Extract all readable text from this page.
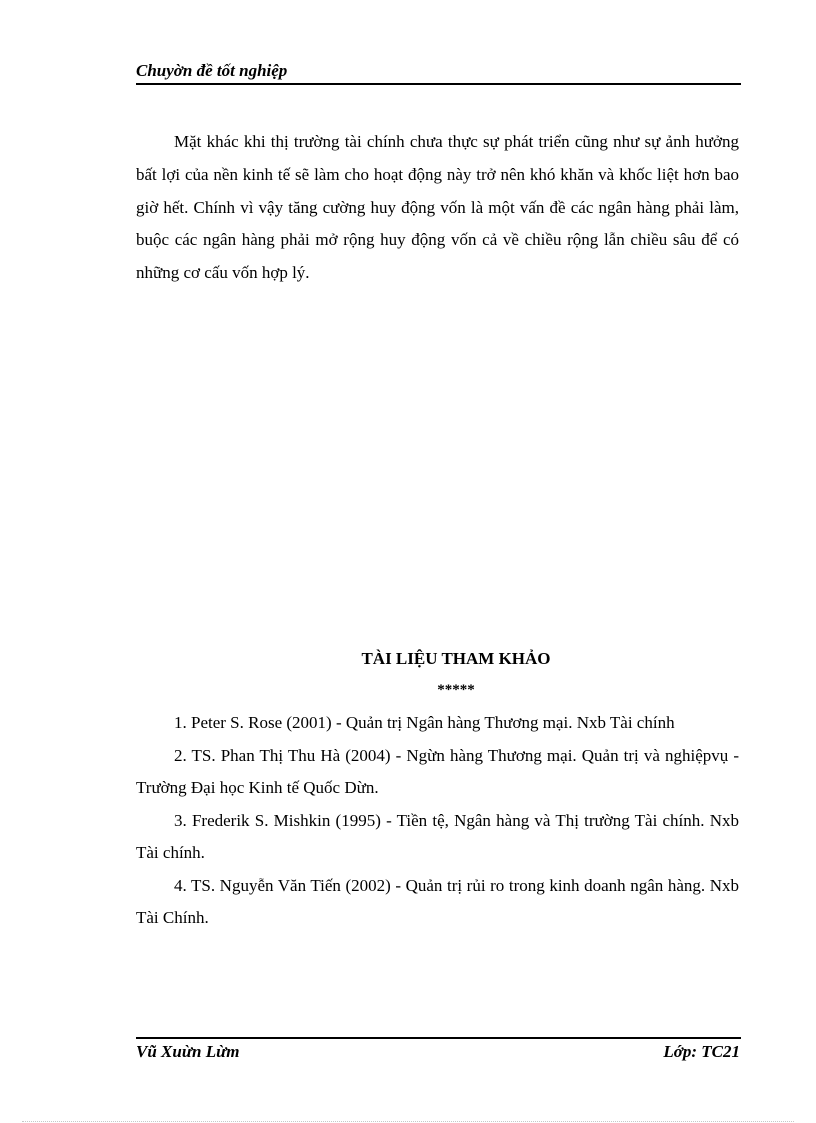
Chuyờn đề tốt nghiệp

Mặt khác khi thị trường tài chính chưa thực sự phát triển cũng như sự ảnh hưởng bất lợi của nền kinh tế sẽ làm cho hoạt động này trở nên khó khăn và khốc liệt hơn bao giờ hết. Chính vì vậy tăng cường huy động vốn là một vấn đề các ngân hàng phải làm, buộc các ngân hàng phải mở rộng huy động vốn cả về chiều rộng lẫn chiều sâu để có những cơ cấu vốn hợp lý.

TÀI LIỆU THAM KHẢO
*****

1. Peter S. Rose (2001) - Quản trị Ngân hàng Thương mại. Nxb Tài chính

2. TS. Phan Thị Thu Hà (2004) - Ngừn hàng Thương mại. Quản trị và nghiệpvụ - Trường Đại học Kinh tế Quốc Dừn.

3. Frederik S. Mishkin (1995) - Tiền tệ, Ngân hàng và Thị trường Tài chính. Nxb Tài chính.

4. TS. Nguyễn Văn Tiến (2002) - Quản trị rủi ro trong kinh doanh ngân hàng. Nxb Tài Chính.

Vũ Xuừn Lừm	Lớp: TC21
